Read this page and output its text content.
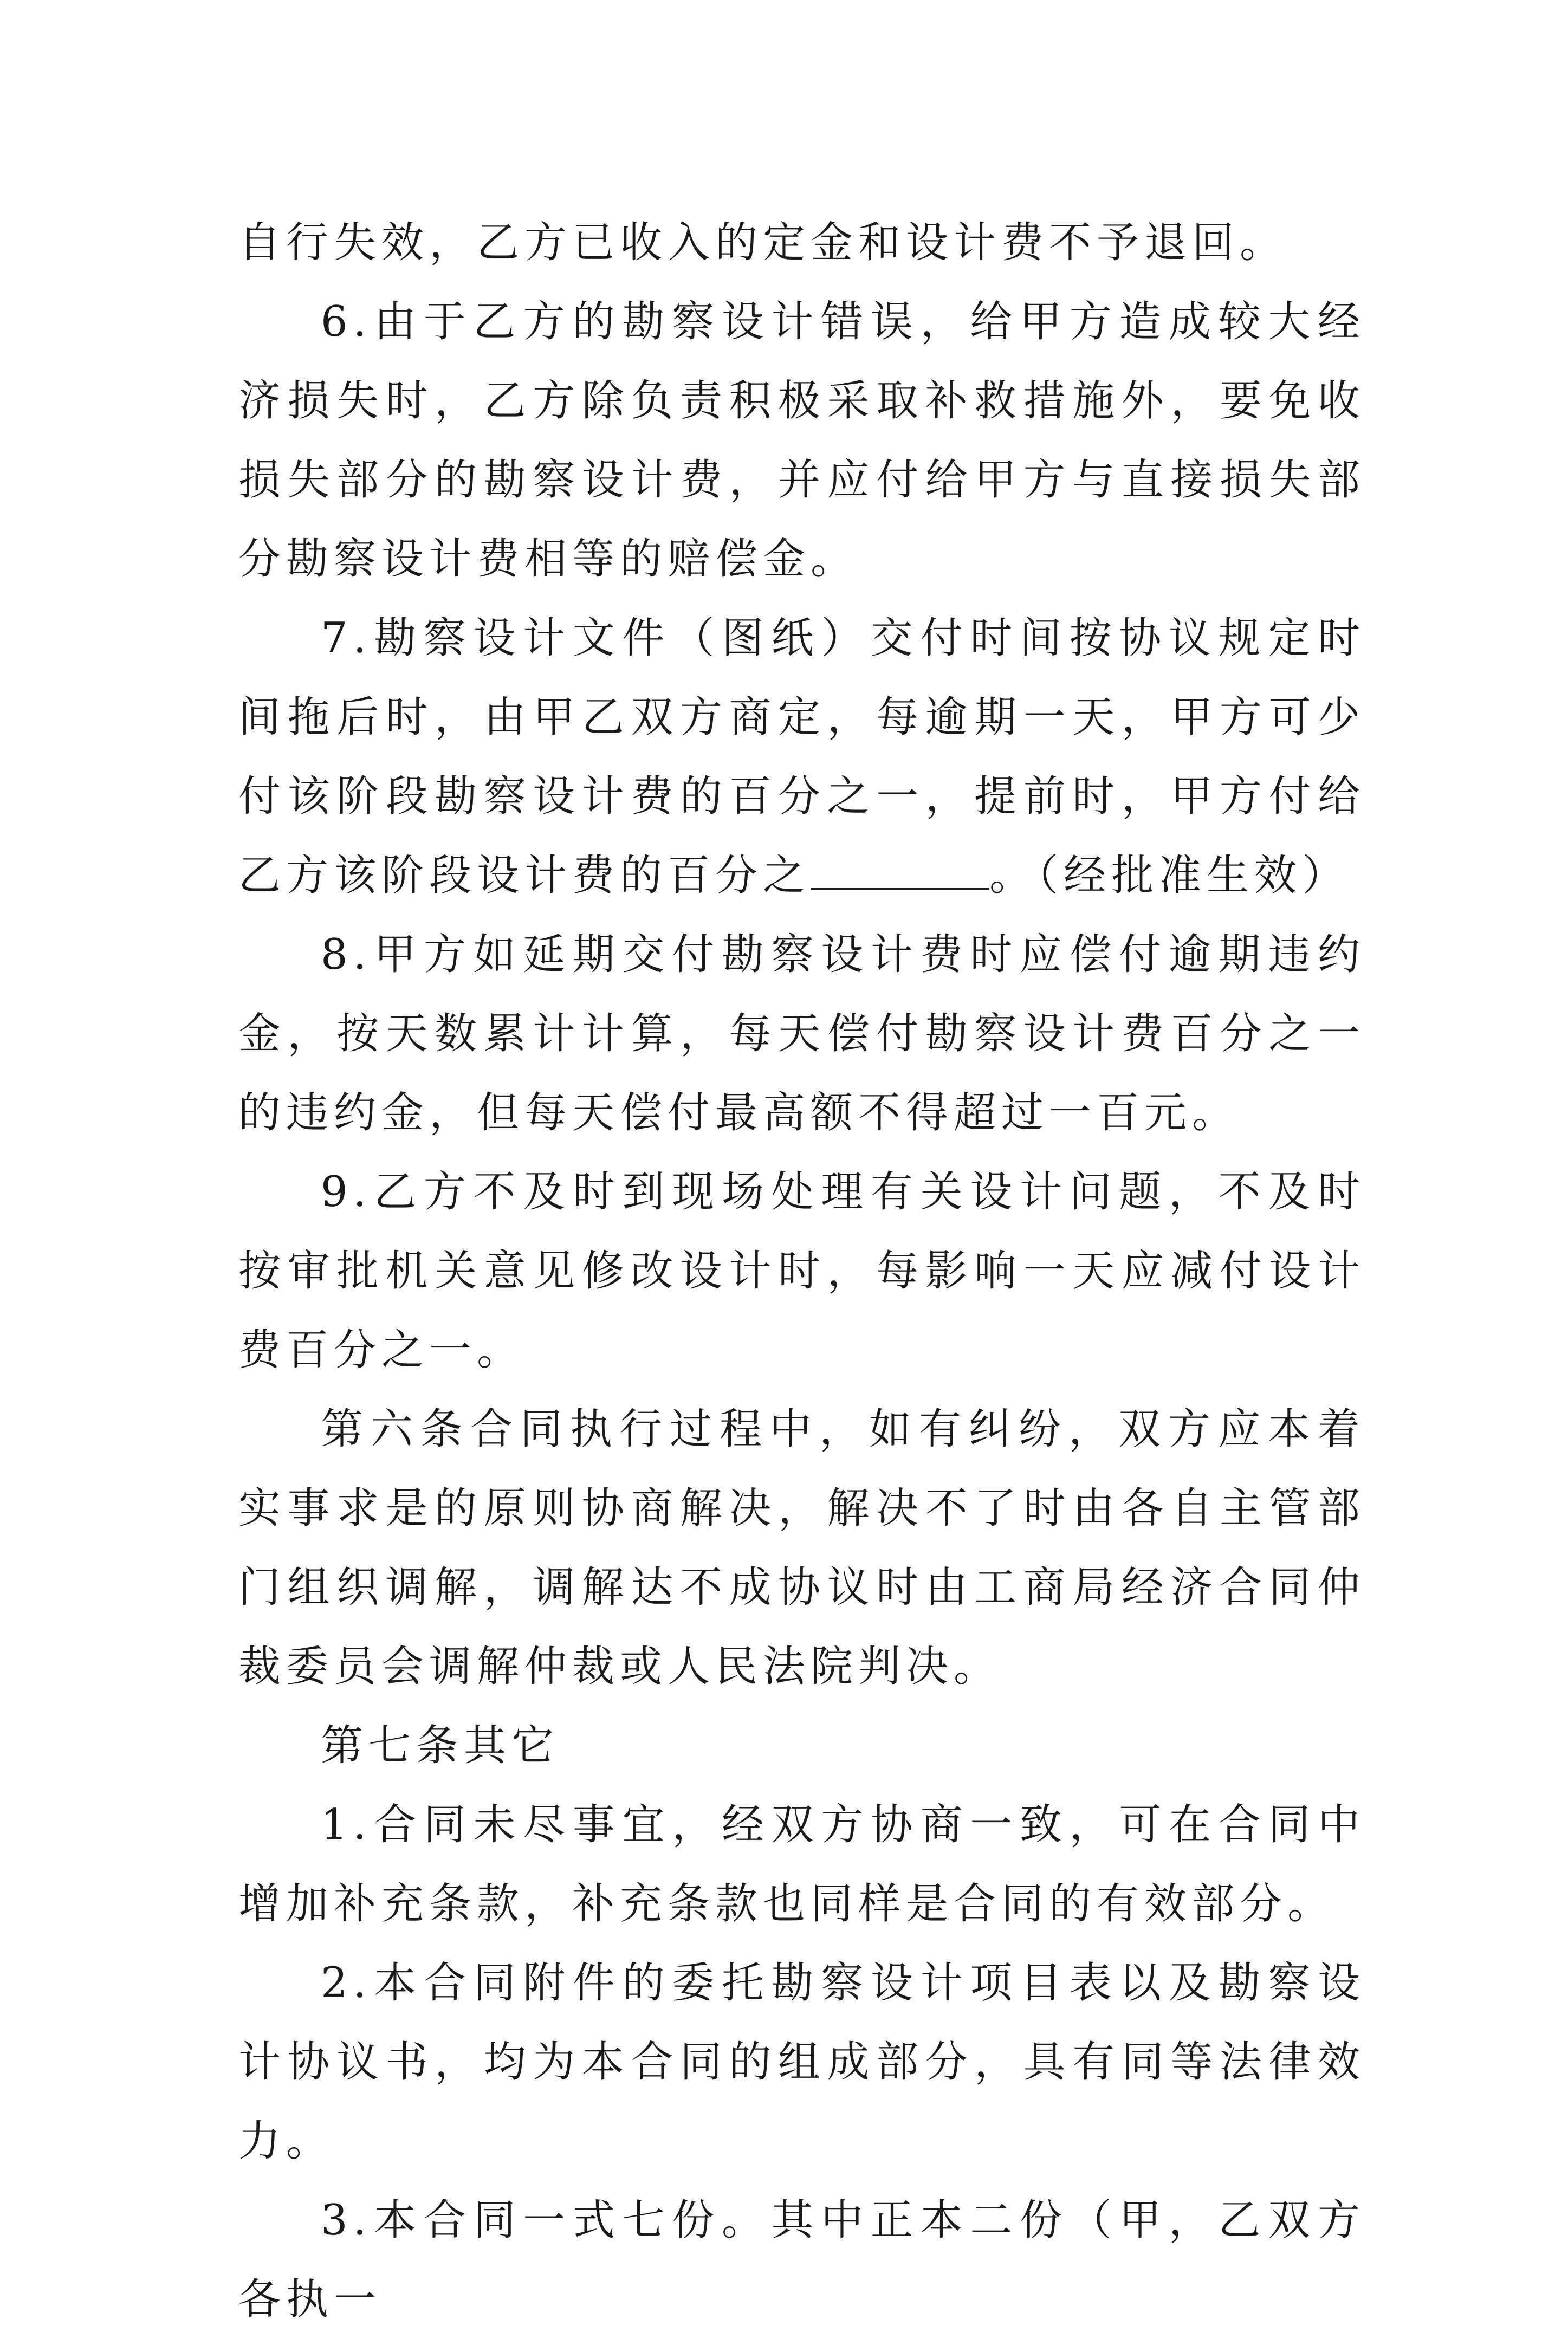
自行失效，乙方已收入的定金和设计费不予退回。

6.由于乙方的勘察设计错误，给甲方造成较大经济损失时，乙方除负责积极采取补救措施外，要免收损失部分的勘察设计费，并应付给甲方与直接损失部分勘察设计费相等的赔偿金。

7.勘察设计文件（图纸）交付时间按协议规定时间拖后时，由甲乙双方商定，每逾期一天，甲方可少付该阶段勘察设计费的百分之一，提前时，甲方付给乙方该阶段设计费的百分之	。（经批准生效）

8.甲方如延期交付勘察设计费时应偿付逾期违约金，按天数累计计算，每天偿付勘察设计费百分之一的违约金，但每天偿付最高额不得超过一百元。

9.乙方不及时到现场处理有关设计问题，不及时按审批机关意见修改设计时，每影响一天应减付设计费百分之一。

第六条合同执行过程中，如有纠纷，双方应本着实事求是的原则协商解决，解决不了时由各自主管部门组织调解，调解达不成协议时由工商局经济合同仲裁委员会调解仲裁或人民法院判决。

第七条其它

1.合同未尽事宜，经双方协商一致，可在合同中增加补充条款，补充条款也同样是合同的有效部分。

2.本合同附件的委托勘察设计项目表以及勘察设计协议书，均为本合同的组成部分，具有同等法律效力。

3.本合同一式七份。其中正本二份（甲，乙双方各执一
